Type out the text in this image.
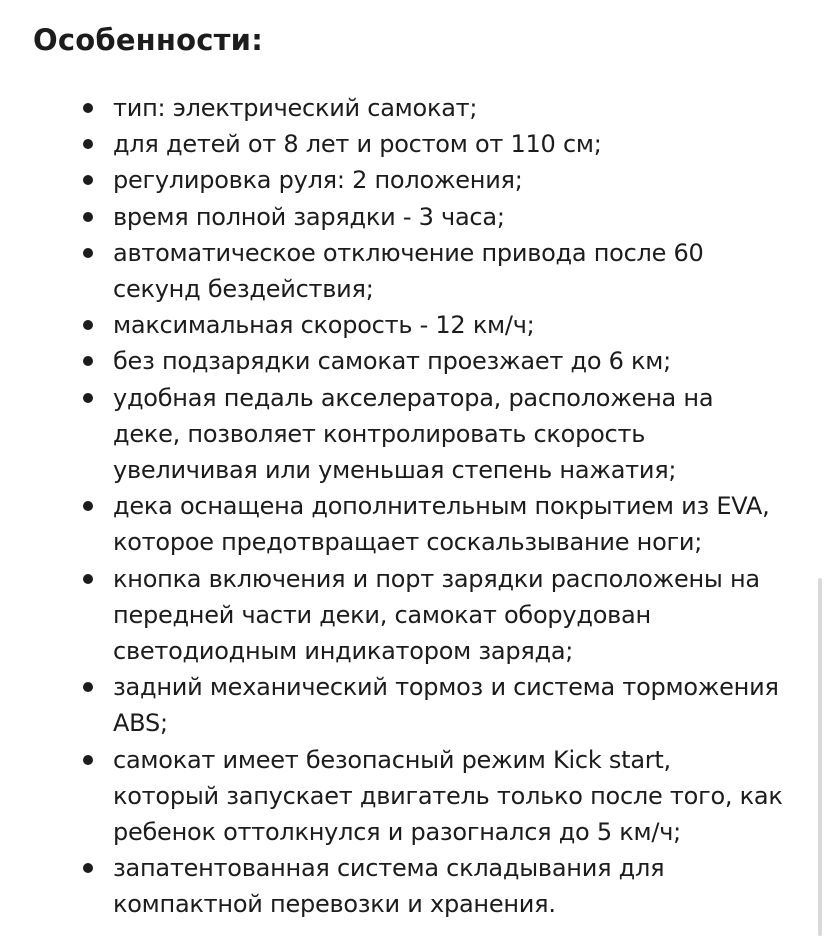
Особенности:
тип: электрический самокат;
для детей от 8 лет и ростом от 110 см;
регулировка руля: 2 положения;
время полной зарядки - 3 часа;
автоматическое отключение привода после 60
секунд бездействия;
максимальная скорость - 12 км/ч;
без подзарядки самокат проезжает до 6 км;
удобная педаль акселератора, расположена на
деке, позволяет контролировать скорость
увеличивая или уменьшая степень нажатия;
дека оснащена дополнительным покрытием из EVA,
которое предотвращает соскальзывание ноги;
кнопка включения и порт зарядки расположены на
передней части деки, самокат оборудован
светодиодным индикатором заряда;
задний механический тормоз и система торможения
ABS;
самокат имеет безопасный режим Kick start,
который запускает двигатель только после того, как
ребенок оттолкнулся и разогнался до 5 км/ч;
запатентованная система складывания для
компактной перевозки и хранения.
